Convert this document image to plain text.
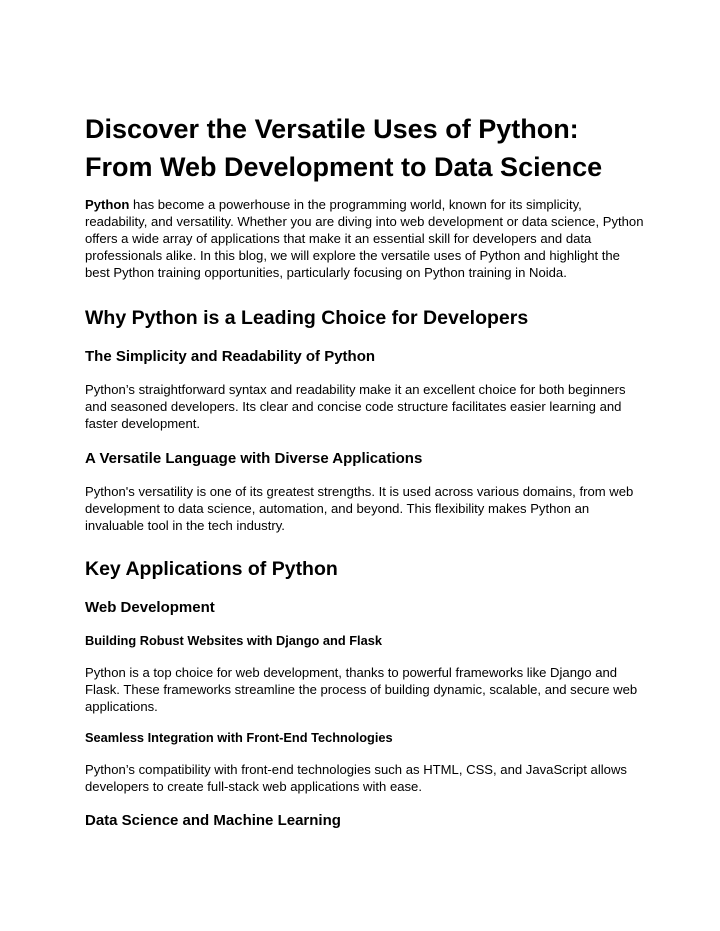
Discover the Versatile Uses of Python: From Web Development to Data Science

Python has become a powerhouse in the programming world, known for its simplicity, readability, and versatility. Whether you are diving into web development or data science, Python offers a wide array of applications that make it an essential skill for developers and data professionals alike. In this blog, we will explore the versatile uses of Python and highlight the best Python training opportunities, particularly focusing on Python training in Noida.

Why Python is a Leading Choice for Developers
The Simplicity and Readability of Python

Python’s straightforward syntax and readability make it an excellent choice for both beginners and seasoned developers. Its clear and concise code structure facilitates easier learning and faster development.

A Versatile Language with Diverse Applications

Python's versatility is one of its greatest strengths. It is used across various domains, from web development to data science, automation, and beyond. This flexibility makes Python an invaluable tool in the tech industry.

Key Applications of Python
Web Development
Building Robust Websites with Django and Flask

Python is a top choice for web development, thanks to powerful frameworks like Django and Flask. These frameworks streamline the process of building dynamic, scalable, and secure web applications.

Seamless Integration with Front-End Technologies

Python’s compatibility with front-end technologies such as HTML, CSS, and JavaScript allows developers to create full-stack web applications with ease.

Data Science and Machine Learning
